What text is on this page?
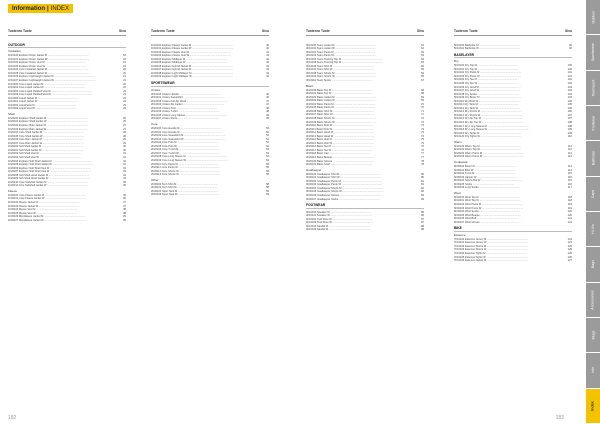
Information | INDEX
Tuotenro Tuote	Sivu
OUTDOOR
Insulation
1F10100 Explorer Down Jacket M .........................................................	18
1F10101 Explorer Down Jacket W .........................................................	18
1F10102 Explorer Down Vest M .........................................................	19
1F10103 Explorer Down Vest W .........................................................	19
1F10104 Core Insulated Jacket M .........................................................	20
1F10105 Core Insulated Jacket W .........................................................	20
1F10106 Explorer Lightweight Jacket M .........................................................	21
1F10107 Explorer Lightweight Jacket W .........................................................	21
1F10200 Core Liquid Jacket M .........................................................	22
1F10201 Core Liquid Jacket W .........................................................	22
1F10202 Core Liquid Padded Vest M .........................................................	23
1F10203 Core Liquid Padded Vest W .........................................................	23
1F10300 Liquid Jacket M .........................................................	24
1F10301 Liquid Jacket W .........................................................	24
1F10302 Liquid Vest M .........................................................	25
1F10303 Liquid Vest W .........................................................	25
Shell
1F20100 Explorer Shell Jacket M .........................................................	26
1F20101 Explorer Shell Jacket W .........................................................	26
1F20102 Explorer Rain Jacket M .........................................................	27
1F20103 Explorer Rain Jacket W .........................................................	27
1F20104 Core Shell Jacket M .........................................................	28
1F20105 Core Shell Jacket W .........................................................	28
1F20106 Core Rain Jacket M .........................................................	29
1F20107 Core Rain Jacket W .........................................................	29
1F20200 Soft Shell Jacket M .........................................................	30
1F20201 Soft Shell Jacket W .........................................................	30
1F20202 Soft Shell Vest M .........................................................	31
1F20203 Soft Shell Vest W .........................................................	31
1F20204 Explorer Soft Shell Jacket M .........................................................	32
1F20205 Explorer Soft Shell Jacket W .........................................................	32
1F20206 Explorer Soft Shell Vest M .........................................................	33
1F20207 Explorer Soft Shell Vest W .........................................................	33
1F20208 Soft Shell Hood Jacket M .........................................................	34
1F20209 Soft Shell Hood Jacket W .........................................................	34
1F20210 Core Softshell Jacket M .........................................................	35
1F20211 Core Softshell Jacket W .........................................................	35
Fleece
1F30100 Core Fleece Jacket M .........................................................	36
1F30101 Core Fleece Jacket W .........................................................	36
1F30102 Fleece Jacket M .........................................................	37
1F30103 Fleece Jacket W .........................................................	37
1F30104 Fleece Vest M .........................................................	38
1F30105 Fleece Vest W .........................................................	38
1F30106 Microfleece Jacket M .........................................................	39
1F30107 Microfleece Jacket W .........................................................	39
Tuotenro Tuote	Sivu
1F40100 Explorer Fleece Jacket M .........................................................	40
1F40101 Explorer Fleece Jacket W .........................................................	40
1F40102 Explorer Fleece Vest M .........................................................	41
1F40103 Explorer Fleece Vest W .........................................................	41
1F40104 Explorer Midlayer M .........................................................	42
1F40105 Explorer Midlayer W .........................................................	42
1F40106 Explorer Hybrid Jacket M .........................................................	43
1F40107 Explorer Hybrid Jacket W .........................................................	43
1F40108 Explorer Light Midlayer M .........................................................	44
1F40109 Explorer Light Midlayer W .........................................................	44
SPORTSWEAR
Unisex
2F10100 Unisex Hoodie .........................................................	46
2F10101 Unisex Sweatshirt .........................................................	46
2F10102 Unisex Full Zip Hood .........................................................	47
2F10103 Unisex Zip Jacket .........................................................	47
2F10104 Unisex Polo .........................................................	48
2F10105 Unisex T-shirt .........................................................	48
2F10106 Unisex Long Sleeve .........................................................	49
2F10107 Unisex Pants .........................................................	49
Core
2F20100 Core Hoodie M .........................................................	50
2F20101 Core Hoodie W .........................................................	50
2F20102 Core Sweatshirt M .........................................................	51
2F20103 Core Sweatshirt W .........................................................	51
2F20104 Core Polo M .........................................................	52
2F20105 Core Polo W .........................................................	52
2F20106 Core T-shirt M .........................................................	53
2F20107 Core T-shirt W .........................................................	53
2F20108 Core Long Sleeve M .........................................................	54
2F20109 Core Long Sleeve W .........................................................	54
2F20110 Core Pants M .........................................................	55
2F20111 Core Pants W .........................................................	55
2F20112 Core Shorts M .........................................................	56
2F20113 Core Shorts W .........................................................	56
Other
2F30100 Tech Shirt M .........................................................	58
2F30101 Tech Shirt W .........................................................	58
2F30102 Sport Tank M .........................................................	59
2F30103 Sport Tank W .........................................................	59
Tuotenro Tuote	Sivu
3F10100 Team Jacket M .........................................................	62
3F10101 Team Jacket W .........................................................	62
3F10102 Team Pants M .........................................................	63
3F10103 Team Pants W .........................................................	63
3F10104 Team Training Top M .........................................................	64
3F10105 Team Training Top W .........................................................	64
3F10106 Team Shirt M .........................................................	65
3F10107 Team Shirt W .........................................................	65
3F10108 Team Shorts M .........................................................	66
3F10109 Team Shorts W .........................................................	66
3F10110 Team Socks .........................................................	67
Basic
3F20100 Basic Top M .........................................................	68
3F20101 Basic Top W .........................................................	68
3F20102 Basic Jacket M .........................................................	69
3F20103 Basic Jacket W .........................................................	69
3F20104 Basic Pants M .........................................................	70
3F20105 Basic Pants W .........................................................	70
3F20106 Basic Shirt M .........................................................	71
3F20107 Basic Shirt W .........................................................	71
3F20108 Basic Shorts M .........................................................	72
3F20109 Basic Shorts W .........................................................	72
3F20110 Basic Polo M .........................................................	73
3F20111 Basic Polo W .........................................................	73
3F20112 Basic Hood M .........................................................	74
3F20113 Basic Hood W .........................................................	74
3F20114 Basic Vest M .........................................................	75
3F20115 Basic Vest W .........................................................	75
3F20116 Basic Tee M .........................................................	76
3F20117 Basic Tee W .........................................................	76
3F20118 Basic Cap .........................................................	77
3F20119 Basic Beanie .........................................................	77
3F20120 Basic Gloves .........................................................	78
3F20121 Basic Scarf .........................................................	78
Goalkeeper
3F30100 Goalkeeper Shirt M .........................................................	80
3F30101 Goalkeeper Shirt W .........................................................	80
3F30102 Goalkeeper Pants M .........................................................	81
3F30103 Goalkeeper Pants W .........................................................	81
3F30104 Goalkeeper Shorts M .........................................................	82
3F30105 Goalkeeper Shorts W .........................................................	82
3F30106 Goalkeeper Gloves .........................................................	83
3F30107 Goalkeeper Socks .........................................................	83
FOOTWEAR
4F10100 Sneaker M .........................................................	86
4F10101 Sneaker W .........................................................	86
4F10102 Trail Shoe M .........................................................	87
4F10103 Trail Shoe W .........................................................	87
4F10104 Sandal M .........................................................	88
4F10105 Sandal W .........................................................	88
Tuotenro Tuote	Sivu
5F10100 Bathrobe M .........................................................	90
5F10101 Bathrobe W .........................................................	90
BASELAYER
Dry
6F10100 Dry Top M .........................................................	100
6F10101 Dry Top W .........................................................	100
6F10102 Dry Pants M .........................................................	101
6F10103 Dry Pants W .........................................................	101
6F10104 Dry Tee M .........................................................	102
6F10105 Dry Tee W .........................................................	102
6F10106 Dry Hood M .........................................................	103
6F10107 Dry Hood W .........................................................	103
6F10108 Dry Socks .........................................................	104
6F10109 Dry Boxer M .........................................................	104
6F10110 Dry Brief W .........................................................	105
6F10111 Dry Tank M .........................................................	105
6F10112 Dry Tank W .........................................................	106
6F10113 Dry Shorts M .........................................................	106
6F10114 Dry Shorts W .........................................................	107
6F10115 Dry Zip Top M .........................................................	107
6F10116 Dry Zip Top W .........................................................	108
6F10117 Dry Long Sleeve M .........................................................	108
6F10118 Dry Long Sleeve W .........................................................	109
6F10119 Dry Tights M .........................................................	109
6F10120 Dry Tights W .........................................................	110
Warm
6F20100 Warm Top M .........................................................	112
6F20101 Warm Top W .........................................................	112
6F20102 Warm Pants M .........................................................	113
6F20103 Warm Pants W .........................................................	113
Undewear
6F30100 Boxer M .........................................................	114
6F30101 Brief W .........................................................	114
6F30102 Trunk M .........................................................	115
6F30103 Hipster W .........................................................	115
6F30104 Sports Bra W .........................................................	116
6F30105 Socks .........................................................	116
6F30106 Long Socks .........................................................	117
Wool
6F40100 Wool Top M .........................................................	118
6F40101 Wool Top W .........................................................	118
6F40102 Wool Pants M .........................................................	119
6F40103 Wool Pants W .........................................................	119
6F40104 Wool Socks .........................................................	120
6F40105 Wool Beanie .........................................................	120
6F40106 Wool Buff .........................................................	121
6F40107 Wool Gloves .........................................................	121
BIKE
Essence
7F10100 Essence Jersey M .........................................................	124
7F10101 Essence Jersey W .........................................................	124
7F10102 Essence Shorts M .........................................................	125
7F10103 Essence Shorts W .........................................................	125
7F10104 Essence Tights M .........................................................	126
7F10105 Essence Tights W .........................................................	126
7F10106 Essence Jacket M .........................................................	127
182	183
Outdoor
Sportswear
Teamsport
Footwear
Bathrobe
Caps
Hi-Vis
Bags
Accessories
Mugs
Info
Index
